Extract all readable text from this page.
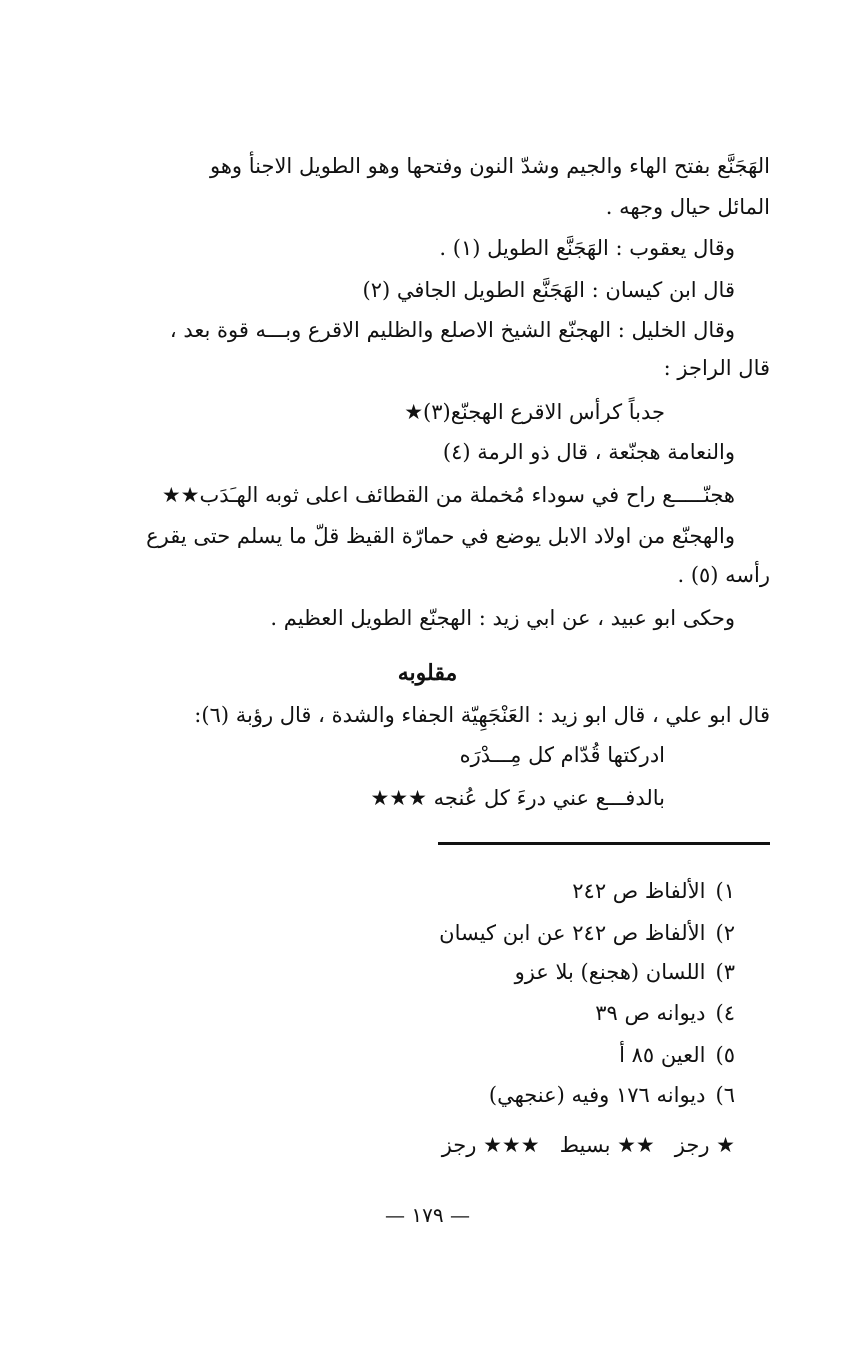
الهَجَنَّع بفتح الهاء والجيم وشدّ النون وفتحها وهو الطويل الاجنأ وهو
المائل حيال وجهه .
وقال يعقوب : الهَجَنَّع الطويل (١) .
قال ابن كيسان : الهَجَنَّع الطويل الجافي (٢)
وقال الخليل : الهجنّع الشيخ الاصلع والظليم الاقرع وبـــه قوة بعد ،
قال الراجز :
جدباً كرأس الاقرع الهجنّع(٣)★
والنعامة هجنّعة ، قال ذو الرمة (٤)
هجنّـــــع راح في سوداء مُخملة من القطائف اعلى ثوبه الهـَدَب★★
والهجنّع من اولاد الابل يوضع في حمارّة القيظ قلّ ما يسلم حتى يقرع
رأسه (٥) .
وحكى ابو عبيد ، عن ابي زيد : الهجنّع الطويل العظيم .
مقلوبه
قال ابو علي ، قال ابو زيد : العَنْجَهِيّة الجفاء والشدة ، قال رؤبة (٦):
ادركتها قُدّام كل مِـــدْرَه
بالدفـــع عني درءَ كل عُنجه ★★★
١)الألفاظ ص ٢٤٢
٢)الألفاظ ص ٢٤٢ عن ابن كيسان
٣)اللسان (هجنع) بلا عزو
٤)ديوانه ص ٣٩
٥)العين ٨٥ أ
٦)ديوانه ١٧٦ وفيه (عنجهي)
★ رجز   ★★ بسيط   ★★★ رجز
— ١٧٩ —
